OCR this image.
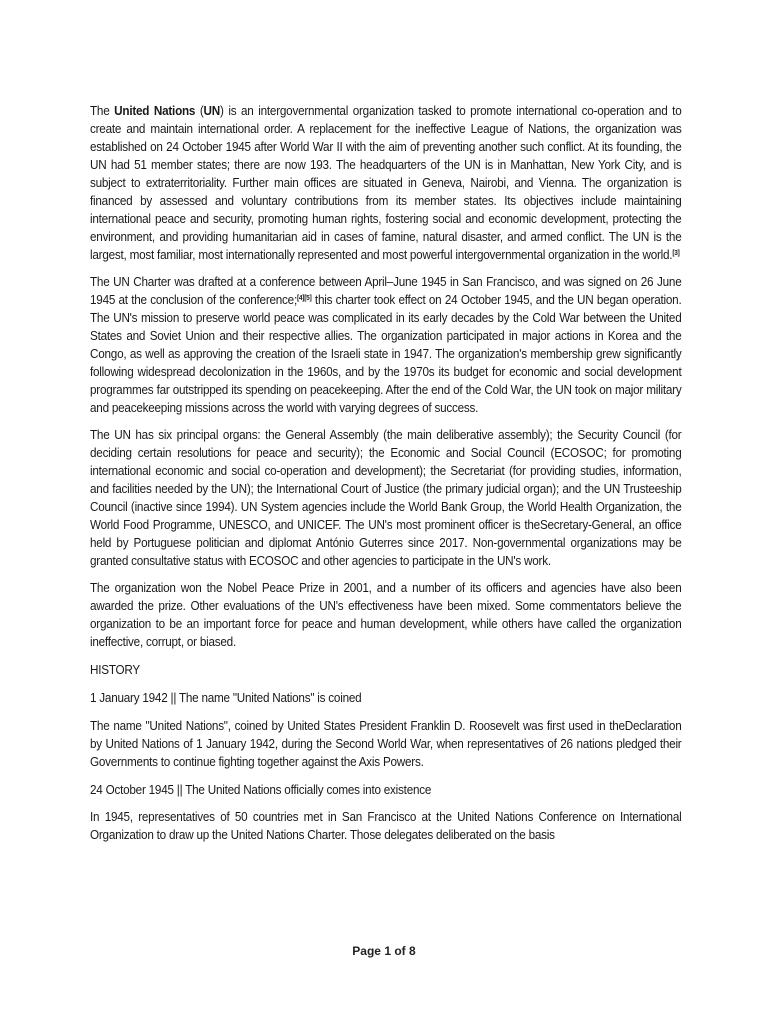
The United Nations (UN) is an intergovernmental organization tasked to promote international co-operation and to create and maintain international order. A replacement for the ineffective League of Nations, the organization was established on 24 October 1945 after World War II with the aim of preventing another such conflict. At its founding, the UN had 51 member states; there are now 193. The headquarters of the UN is in Manhattan, New York City, and is subject to extraterritoriality. Further main offices are situated in Geneva, Nairobi, and Vienna. The organization is financed by assessed and voluntary contributions from its member states. Its objectives include maintaining international peace and security, promoting human rights, fostering social and economic development, protecting the environment, and providing humanitarian aid in cases of famine, natural disaster, and armed conflict. The UN is the largest, most familiar, most internationally represented and most powerful intergovernmental organization in the world.[3]

The UN Charter was drafted at a conference between April–June 1945 in San Francisco, and was signed on 26 June 1945 at the conclusion of the conference;[4][5] this charter took effect on 24 October 1945, and the UN began operation. The UN's mission to preserve world peace was complicated in its early decades by the Cold War between the United States and Soviet Union and their respective allies. The organization participated in major actions in Korea and the Congo, as well as approving the creation of the Israeli state in 1947. The organization's membership grew significantly following widespread decolonization in the 1960s, and by the 1970s its budget for economic and social development programmes far outstripped its spending on peacekeeping. After the end of the Cold War, the UN took on major military and peacekeeping missions across the world with varying degrees of success.

The UN has six principal organs: the General Assembly (the main deliberative assembly); the Security Council (for deciding certain resolutions for peace and security); the Economic and Social Council (ECOSOC; for promoting international economic and social co-operation and development); the Secretariat (for providing studies, information, and facilities needed by the UN); the International Court of Justice (the primary judicial organ); and the UN Trusteeship Council (inactive since 1994). UN System agencies include the World Bank Group, the World Health Organization, the World Food Programme, UNESCO, and UNICEF. The UN's most prominent officer is theSecretary-General, an office held by Portuguese politician and diplomat António Guterres since 2017. Non-governmental organizations may be granted consultative status with ECOSOC and other agencies to participate in the UN's work.

The organization won the Nobel Peace Prize in 2001, and a number of its officers and agencies have also been awarded the prize. Other evaluations of the UN's effectiveness have been mixed. Some commentators believe the organization to be an important force for peace and human development, while others have called the organization ineffective, corrupt, or biased.

HISTORY

1 January 1942 || The name "United Nations" is coined

The name "United Nations", coined by United States President Franklin D. Roosevelt was first used in theDeclaration by United Nations of 1 January 1942, during the Second World War, when representatives of 26 nations pledged their Governments to continue fighting together against the Axis Powers.

24 October 1945 || The United Nations officially comes into existence

In 1945, representatives of 50 countries met in San Francisco at the United Nations Conference on International Organization to draw up the United Nations Charter. Those delegates deliberated on the basis

Page 1 of 8
